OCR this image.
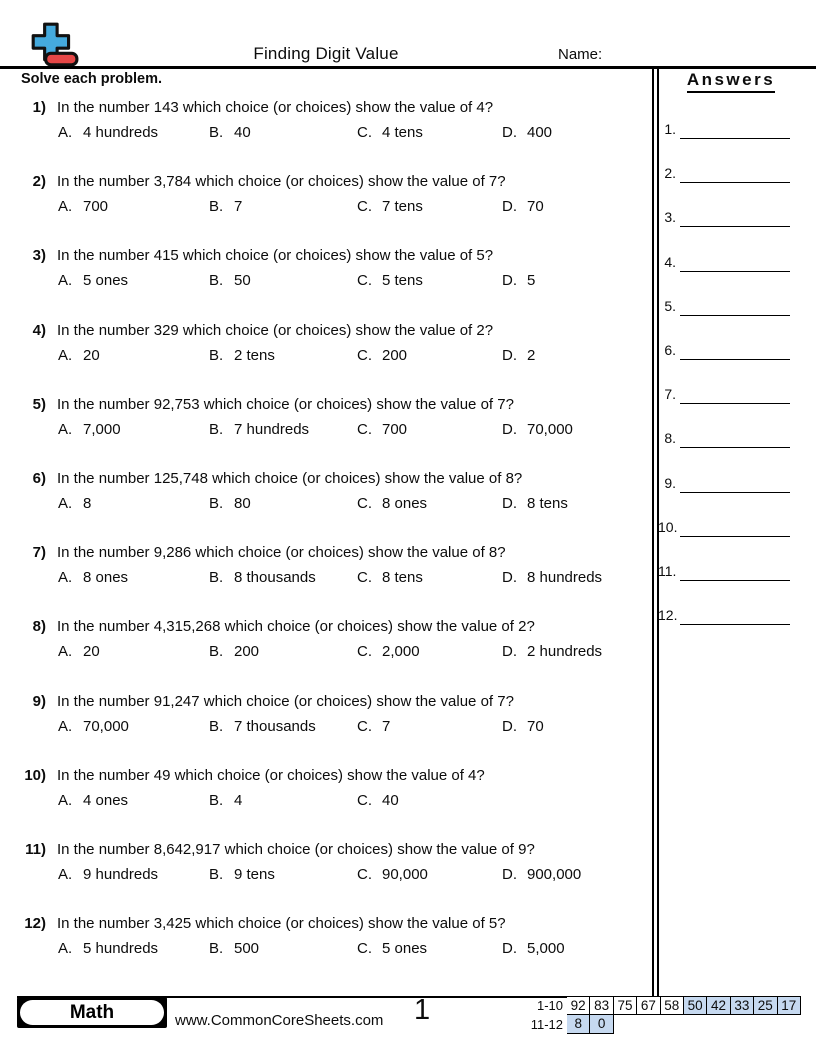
Finding Digit Value	Name:
Solve each problem.
1) In the number 143 which choice (or choices) show the value of 4?
A. 4 hundreds	B. 40	C. 4 tens	D. 400
2) In the number 3,784 which choice (or choices) show the value of 7?
A. 700	B. 7	C. 7 tens	D. 70
3) In the number 415 which choice (or choices) show the value of 5?
A. 5 ones	B. 50	C. 5 tens	D. 5
4) In the number 329 which choice (or choices) show the value of 2?
A. 20	B. 2 tens	C. 200	D. 2
5) In the number 92,753 which choice (or choices) show the value of 7?
A. 7,000	B. 7 hundreds	C. 700	D. 70,000
6) In the number 125,748 which choice (or choices) show the value of 8?
A. 8	B. 80	C. 8 ones	D. 8 tens
7) In the number 9,286 which choice (or choices) show the value of 8?
A. 8 ones	B. 8 thousands	C. 8 tens	D. 8 hundreds
8) In the number 4,315,268 which choice (or choices) show the value of 2?
A. 20	B. 200	C. 2,000	D. 2 hundreds
9) In the number 91,247 which choice (or choices) show the value of 7?
A. 70,000	B. 7 thousands	C. 7	D. 70
10) In the number 49 which choice (or choices) show the value of 4?
A. 4 ones	B. 4	C. 40
11) In the number 8,642,917 which choice (or choices) show the value of 9?
A. 9 hundreds	B. 9 tens	C. 90,000	D. 900,000
12) In the number 3,425 which choice (or choices) show the value of 5?
A. 5 hundreds	B. 500	C. 5 ones	D. 5,000
Answers
1.
2.
3.
4.
5.
6.
7.
8.
9.
10.
11.
12.
Math	www.CommonCoreSheets.com 1	1-10 92 83 75 67 58 50 42 33 25 17
11-12 8	0
